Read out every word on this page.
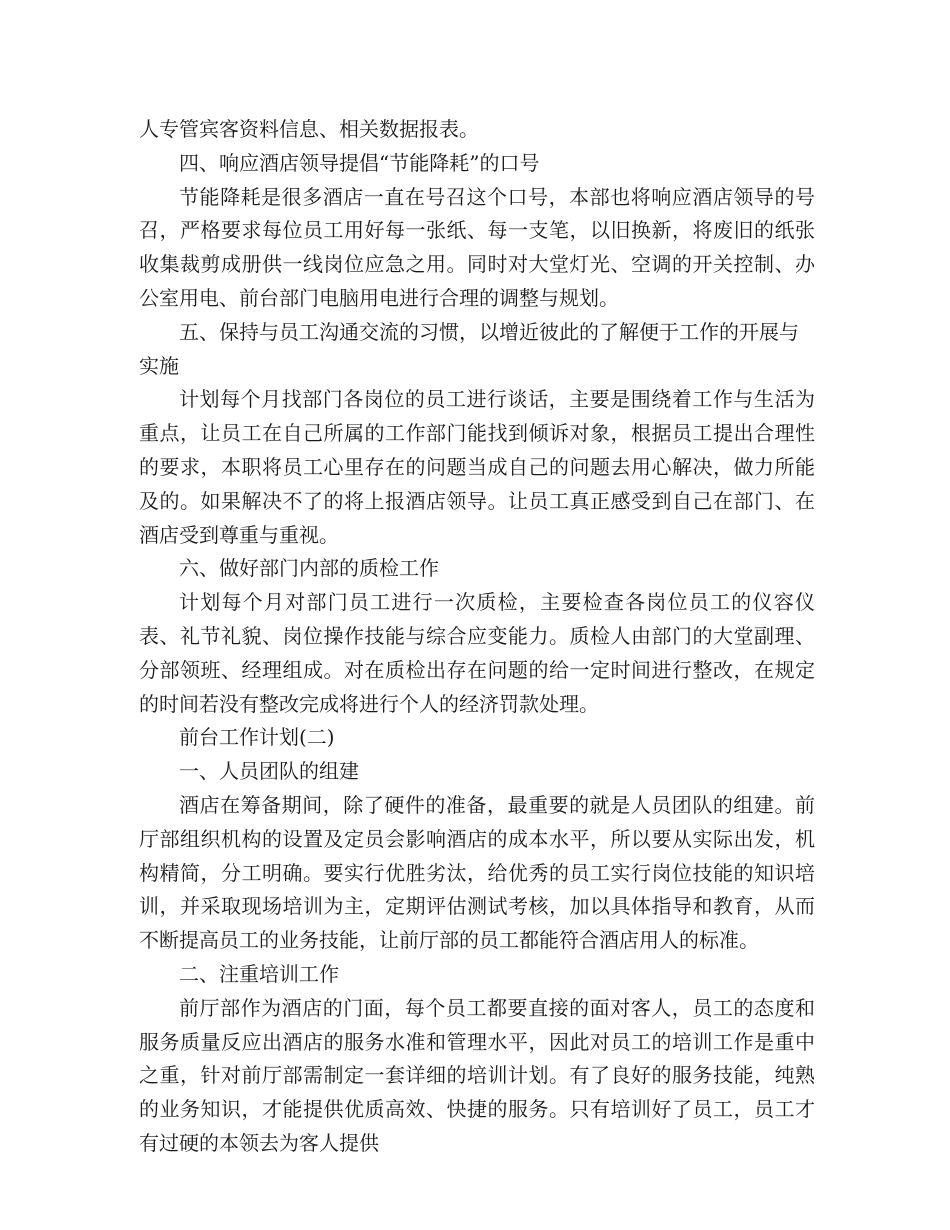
人专管宾客资料信息、相关数据报表。

四、响应酒店领导提倡“节能降耗”的口号

节能降耗是很多酒店一直在号召这个口号，本部也将响应酒店领导的号召，严格要求每位员工用好每一张纸、每一支笔，以旧换新，将废旧的纸张收集裁剪成册供一线岗位应急之用。同时对大堂灯光、空调的开关控制、办公室用电、前台部门电脑用电进行合理的调整与规划。

五、保持与员工沟通交流的习惯，以增近彼此的了解便于工作的开展与实施

计划每个月找部门各岗位的员工进行谈话，主要是围绕着工作与生活为重点，让员工在自己所属的工作部门能找到倾诉对象，根据员工提出合理性的要求，本职将员工心里存在的问题当成自己的问题去用心解决，做力所能及的。如果解决不了的将上报酒店领导。让员工真正感受到自己在部门、在酒店受到尊重与重视。

六、做好部门内部的质检工作

计划每个月对部门员工进行一次质检，主要检查各岗位员工的仪容仪表、礼节礼貌、岗位操作技能与综合应变能力。质检人由部门的大堂副理、分部领班、经理组成。对在质检出存在问题的给一定时间进行整改，在规定的时间若没有整改完成将进行个人的经济罚款处理。

前台工作计划(二)

一、人员团队的组建

酒店在筹备期间，除了硬件的准备，最重要的就是人员团队的组建。前厅部组织机构的设置及定员会影响酒店的成本水平，所以要从实际出发，机构精简，分工明确。要实行优胜劣汰，给优秀的员工实行岗位技能的知识培训，并采取现场培训为主，定期评估测试考核，加以具体指导和教育，从而不断提高员工的业务技能，让前厅部的员工都能符合酒店用人的标准。

二、注重培训工作

前厅部作为酒店的门面，每个员工都要直接的面对客人，员工的态度和服务质量反应出酒店的服务水准和管理水平，因此对员工的培训工作是重中之重，针对前厅部需制定一套详细的培训计划。有了良好的服务技能，纯熟的业务知识，才能提供优质高效、快捷的服务。只有培训好了员工，员工才有过硬的本领去为客人提供
